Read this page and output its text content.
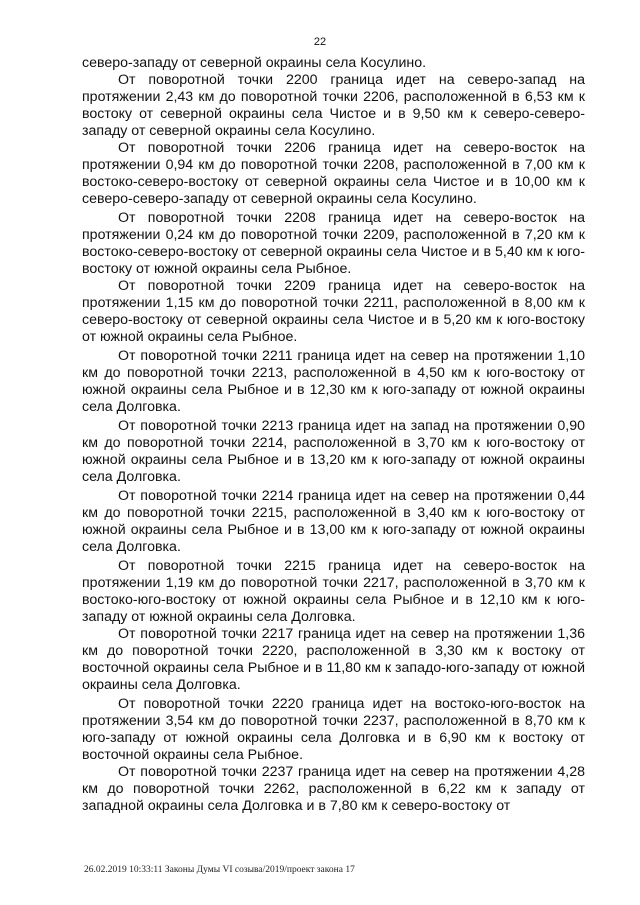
22

северо-западу от северной окраины села Косулино.

От поворотной точки 2200 граница идет на северо-запад на протяжении 2,43 км до поворотной точки 2206, расположенной в 6,53 км к востоку от северной окраины села Чистое и в 9,50 км к северо-северо-западу от северной окраины села Косулино.

От поворотной точки 2206 граница идет на северо-восток на протяжении 0,94 км до поворотной точки 2208, расположенной в 7,00 км к востоко-северо-востоку от северной окраины села Чистое и в 10,00 км к северо-северо-западу от северной окраины села Косулино.

От поворотной точки 2208 граница идет на северо-восток на протяжении 0,24 км до поворотной точки 2209, расположенной в 7,20 км к востоко-северо-востоку от северной окраины села Чистое и в 5,40 км к юго-востоку от южной окраины села Рыбное.

От поворотной точки 2209 граница идет на северо-восток на протяжении 1,15 км до поворотной точки 2211, расположенной в 8,00 км к северо-востоку от северной окраины села Чистое и в 5,20 км к юго-востоку от южной окраины села Рыбное.

От поворотной точки 2211 граница идет на север на протяжении 1,10 км до поворотной точки 2213, расположенной в 4,50 км к юго-востоку от южной окраины села Рыбное и в 12,30 км к юго-западу от южной окраины села Долговка.

От поворотной точки 2213 граница идет на запад на протяжении 0,90 км до поворотной точки 2214, расположенной в 3,70 км к юго-востоку от южной окраины села Рыбное и в 13,20 км к юго-западу от южной окраины села Долговка.

От поворотной точки 2214 граница идет на север на протяжении 0,44 км до поворотной точки 2215, расположенной в 3,40 км к юго-востоку от южной окраины села Рыбное и в 13,00 км к юго-западу от южной окраины села Долговка.

От поворотной точки 2215 граница идет на северо-восток на протяжении 1,19 км до поворотной точки 2217, расположенной в 3,70 км к востоко-юго-востоку от южной окраины села Рыбное и в 12,10 км к юго-западу от южной окраины села Долговка.

От поворотной точки 2217 граница идет на север на протяжении 1,36 км до поворотной точки 2220, расположенной в 3,30 км к востоку от восточной окраины села Рыбное и в 11,80 км к западо-юго-западу от южной окраины села Долговка.

От поворотной точки 2220 граница идет на востоко-юго-восток на протяжении 3,54 км до поворотной точки 2237, расположенной в 8,70 км к юго-западу от южной окраины села Долговка и в 6,90 км к востоку от восточной окраины села Рыбное.

От поворотной точки 2237 граница идет на север на протяжении 4,28 км до поворотной точки 2262, расположенной в 6,22 км к западу от западной окраины села Долговка и в 7,80 км к северо-востоку от

26.02.2019 10:33:11 Законы Думы VI созыва/2019/проект закона 17
